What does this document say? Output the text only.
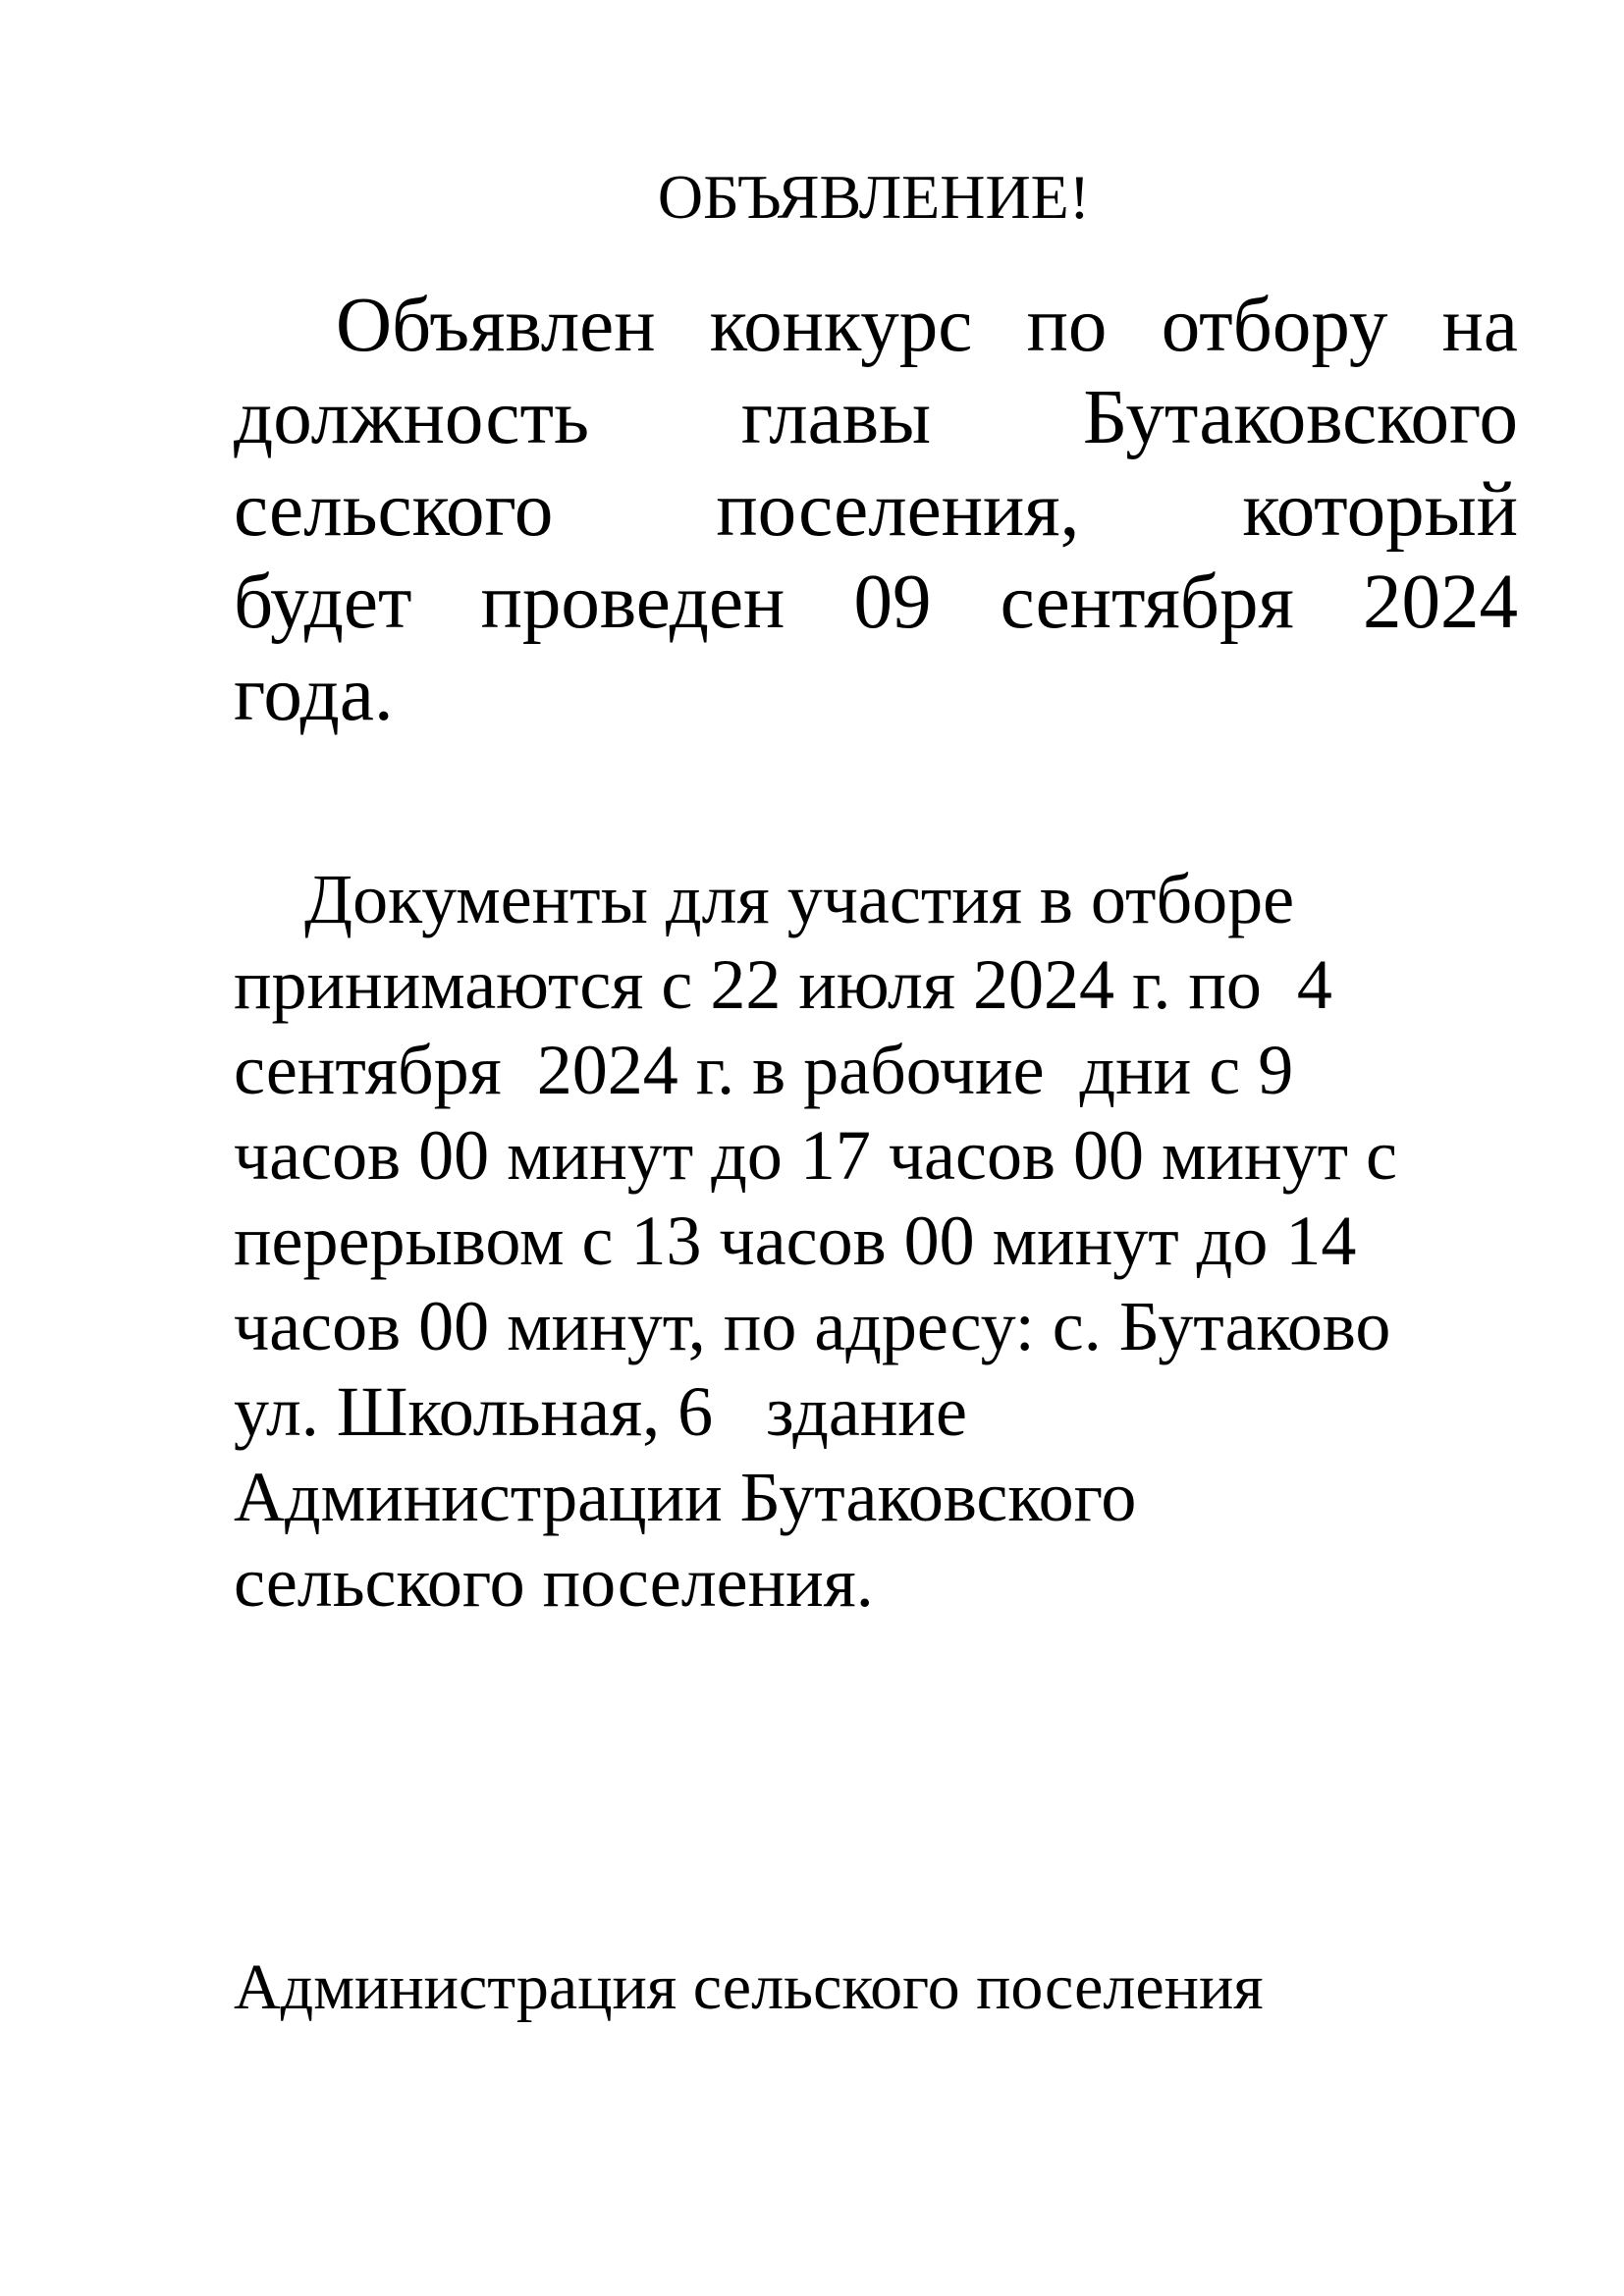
ОБЪЯВЛЕНИЕ!
Объявлен конкурс по отбору на
должность главы Бутаковского
сельского поселения, который
будет проведен 09 сентября 2024
года.
Документы для участия в отборе
принимаются с 22 июля 2024 г. по  4
сентября  2024 г. в рабочие  дни с 9
часов 00 минут до 17 часов 00 минут с
перерывом с 13 часов 00 минут до 14
часов 00 минут, по адресу: с. Бутаково
ул. Школьная, 6   здание
Администрации Бутаковского
сельского поселения.
Администрация сельского поселения
